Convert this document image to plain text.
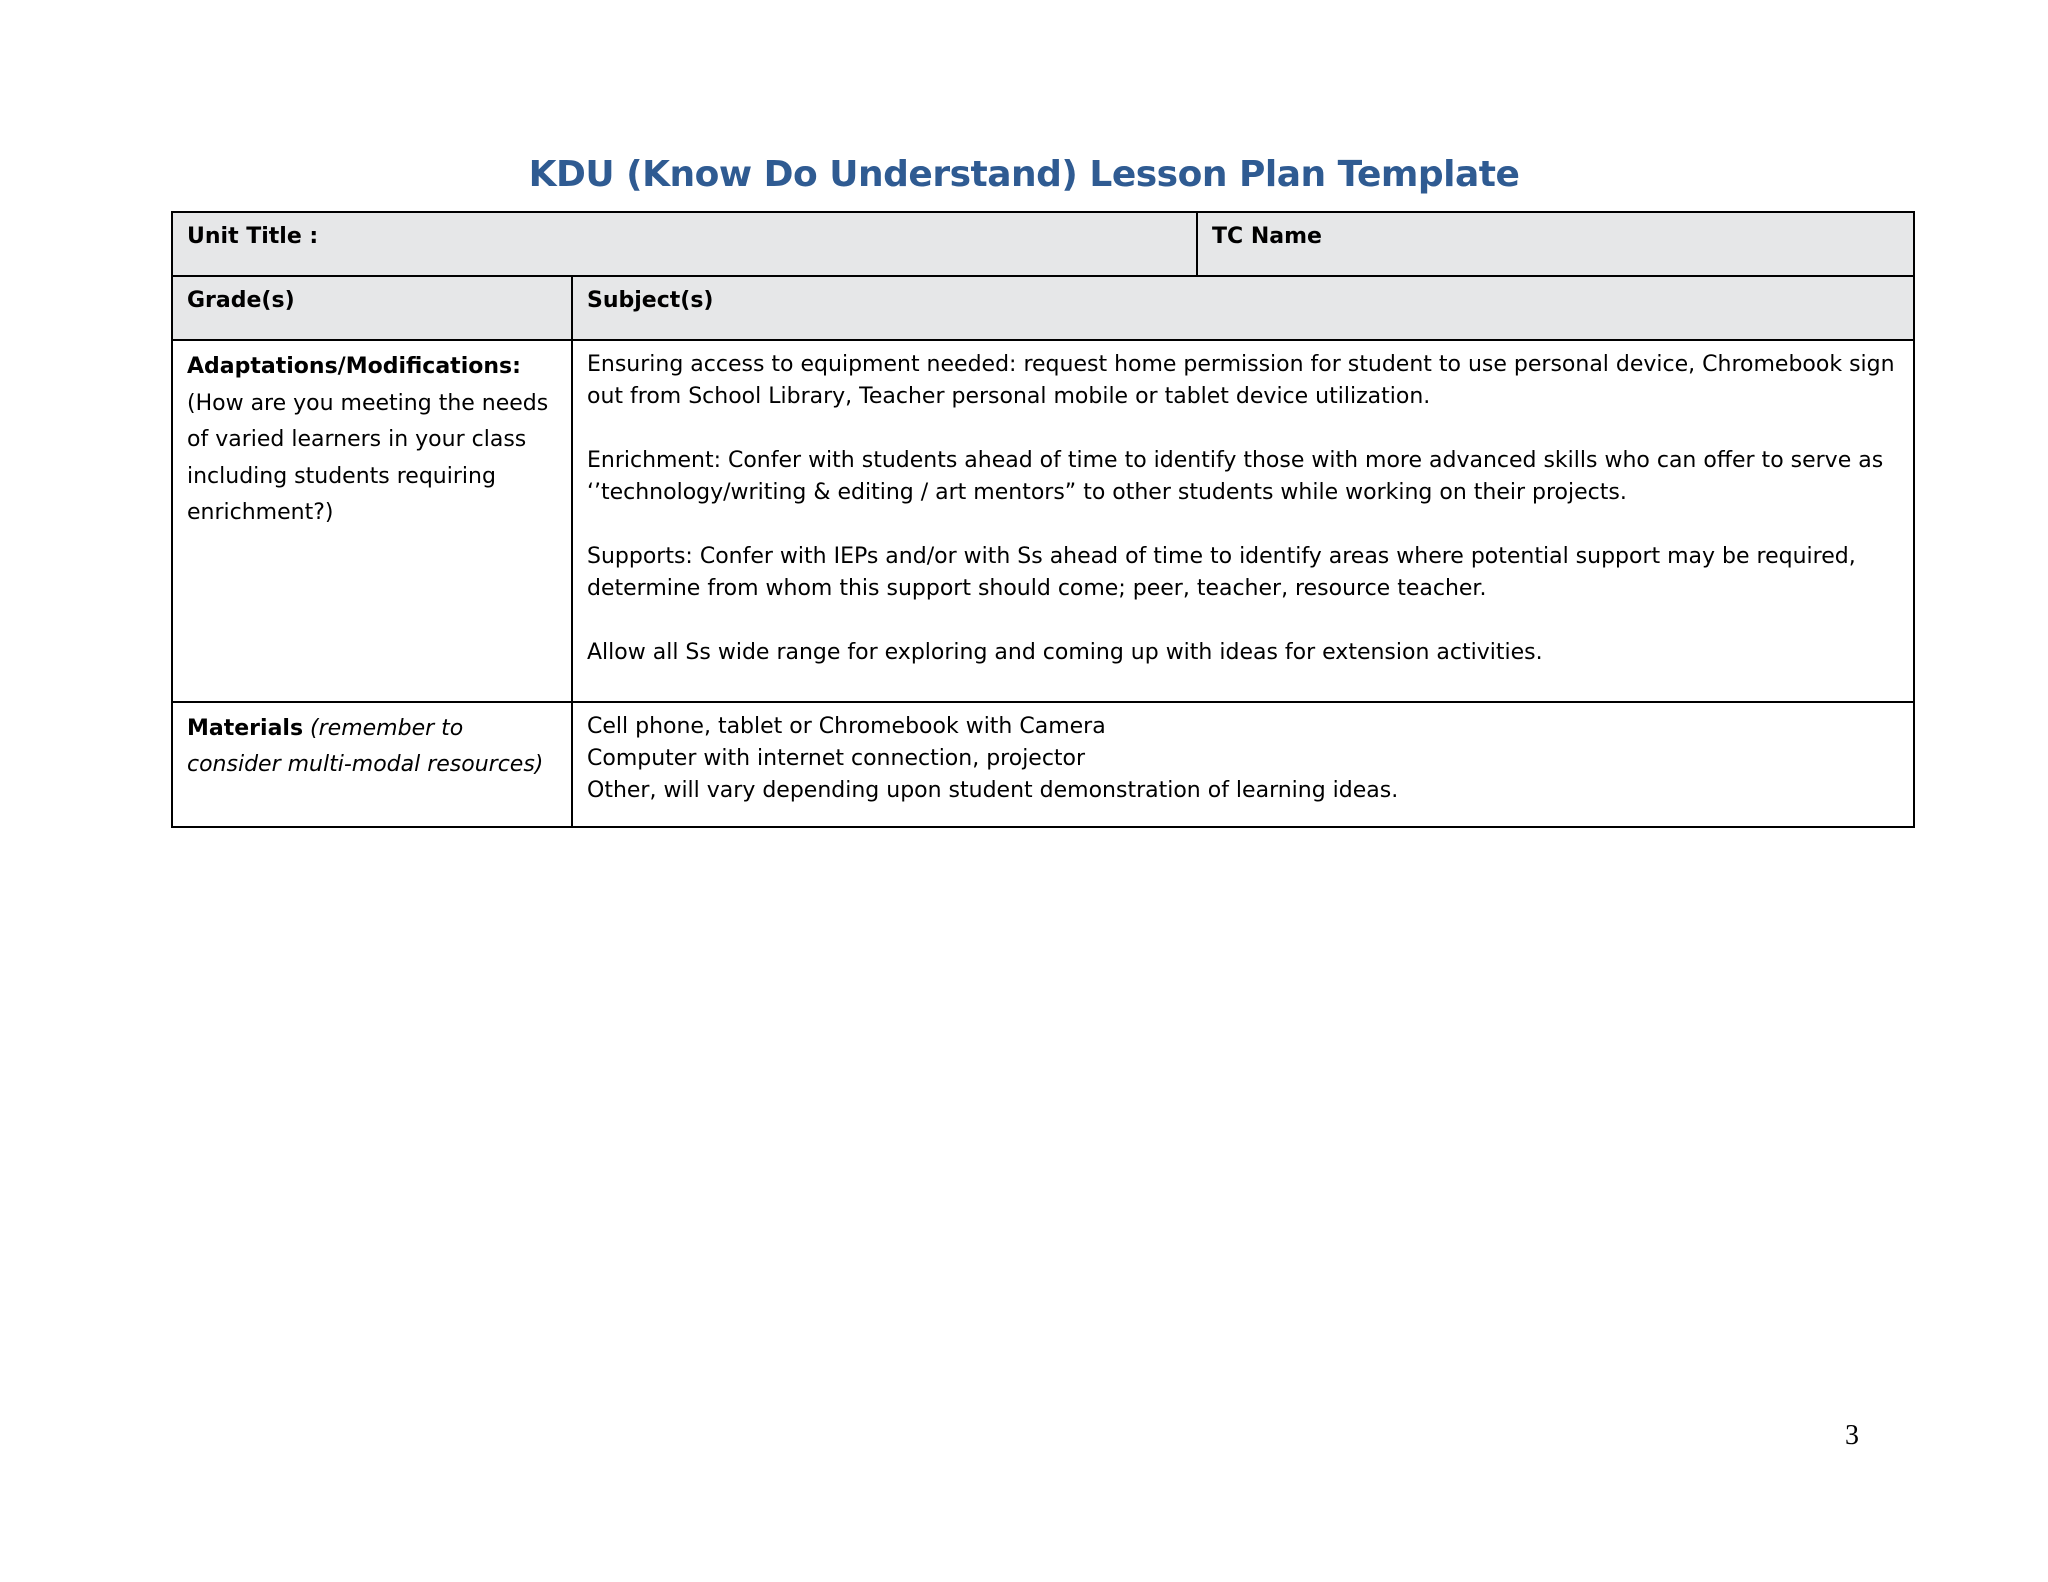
KDU (Know Do Understand) Lesson Plan Template
Unit Title :		TC Name
Grade(s)	Subject(s)	
Adaptations/Modifications: (How are you meeting the needs of varied learners in your class including students requiring enrichment?)	Ensuring access to equipment needed: request home permission for student to use personal device, Chromebook sign out from School Library, Teacher personal mobile or tablet device utilization.
Enrichment: Confer with students ahead of time to identify those with more advanced skills who can offer to serve as ‘’technology/writing & editing / art mentors” to other students while working on their projects.
Supports: Confer with IEPs and/or with Ss ahead of time to identify areas where potential support may be required, determine from whom this support should come; peer, teacher, resource teacher.
Allow all Ss wide range for exploring and coming up with ideas for extension activities.	

Materials (remember to consider multi-modal resources)	Cell phone, tablet or Chromebook with Camera
Computer with internet connection, projector
Other, will vary depending upon student demonstration of learning ideas.	
3
